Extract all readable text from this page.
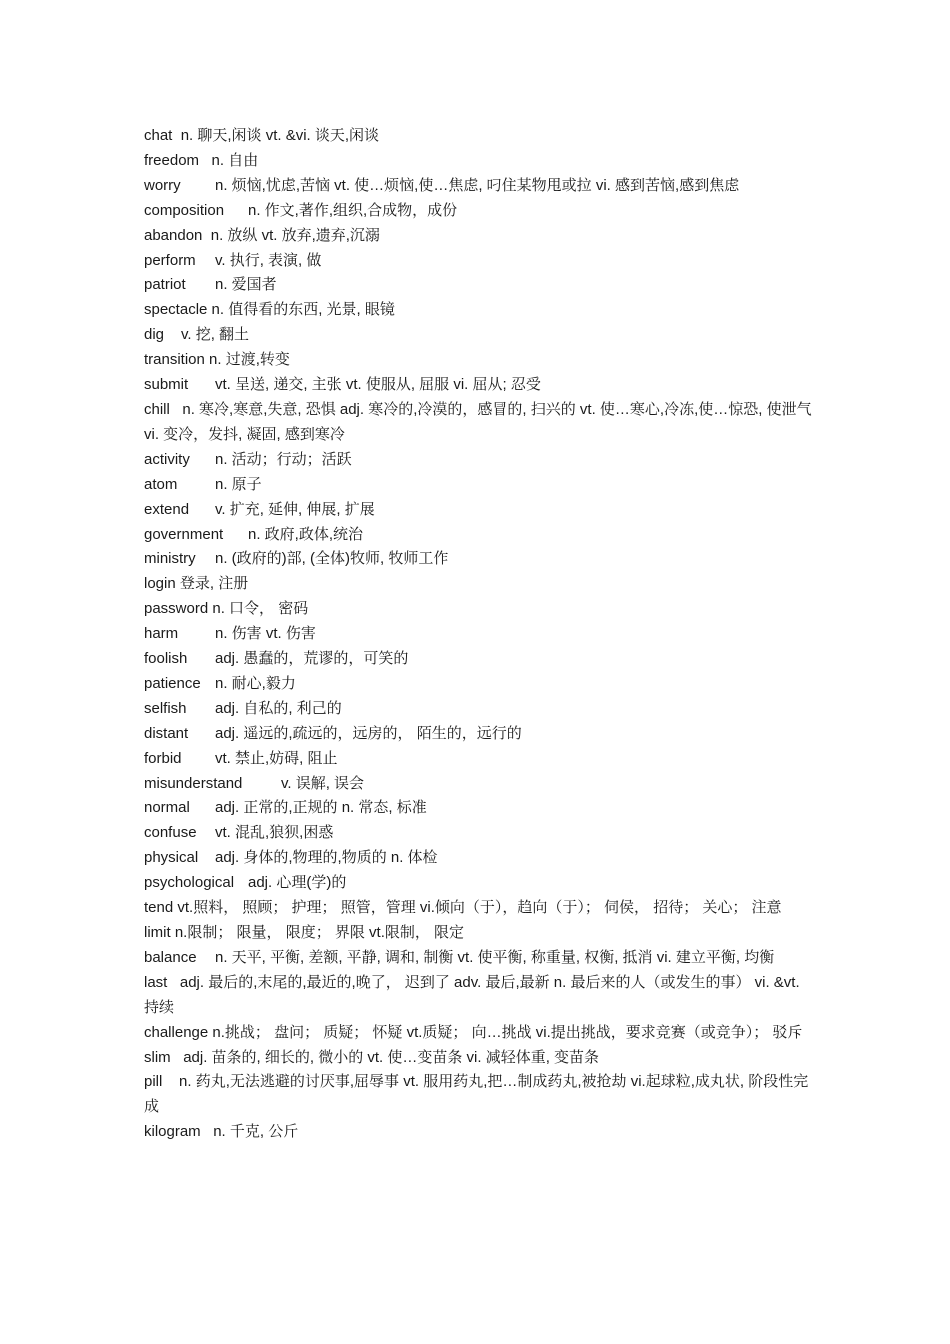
chat n. 聊天,闲谈 vt. &vi. 谈天,闲谈

freedom n. 自由

worry n. 烦恼,忧虑,苦恼 vt. 使…烦恼,使…焦虑, 叼住某物甩或拉 vi. 感到苦恼,感到焦虑

composition n. 作文,著作,组织,合成物，成份

abandon n. 放纵 vt. 放弃,遗弃,沉溺

perform v. 执行, 表演, 做

patriot n. 爱国者

spectacle n. 值得看的东西, 光景, 眼镜

dig v. 挖, 翻土

transition n. 过渡,转变

submit vt. 呈送, 递交, 主张 vt. 使服从, 屈服 vi. 屈从; 忍受

chill n. 寒冷,寒意,失意, 恐惧 adj. 寒冷的,冷漠的，感冒的, 扫兴的 vt. 使…寒心,冷冻,使…惊恐, 使泄气 vi. 变冷，发抖, 凝固, 感到寒冷

activity n. 活动；行动；活跃

atom	n. 原子

extend v. 扩充, 延伸, 伸展, 扩展

government n. 政府,政体,统治

ministry n. (政府的)部, (全体)牧师, 牧师工作

login 登录, 注册

password n. 口令， 密码

harm n. 伤害 vt. 伤害

foolish adj. 愚蠢的，荒谬的，可笑的

patience n. 耐心,毅力

selfish adj. 自私的, 利己的

distant adj. 遥远的,疏远的，远房的， 陌生的，远行的

forbid vt. 禁止,妨碍, 阻止

misunderstand	v. 误解, 误会

normal adj. 正常的,正规的 n. 常态, 标准

confuse vt. 混乱,狼狈,困惑

physical adj. 身体的,物理的,物质的 n. 体检

psychological adj. 心理(学)的

tend vt.照料， 照顾； 护理； 照管，管理 vi.倾向（于），趋向（于）； 伺侯， 招待； 关心； 注意

limit n.限制； 限量， 限度； 界限 vt.限制， 限定

balance n. 天平, 平衡, 差额, 平静, 调和, 制衡 vt. 使平衡, 称重量, 权衡, 抵消 vi. 建立平衡, 均衡

last adj. 最后的,末尾的,最近的,晚了， 迟到了 adv. 最后,最新 n. 最后来的人（或发生的事） vi. &vt. 持续

challenge n.挑战； 盘问； 质疑； 怀疑 vt.质疑； 向…挑战 vi.提出挑战，要求竞赛（或竞争）； 驳斥

slim adj. 苗条的, 细长的, 微小的 vt. 使…变苗条 vi. 减轻体重, 变苗条

pill n. 药丸,无法逃避的讨厌事,屈辱事 vt. 服用药丸,把…制成药丸,被抢劫 vi.起球粒,成丸状, 阶段性完成

kilogram n. 千克, 公斤
